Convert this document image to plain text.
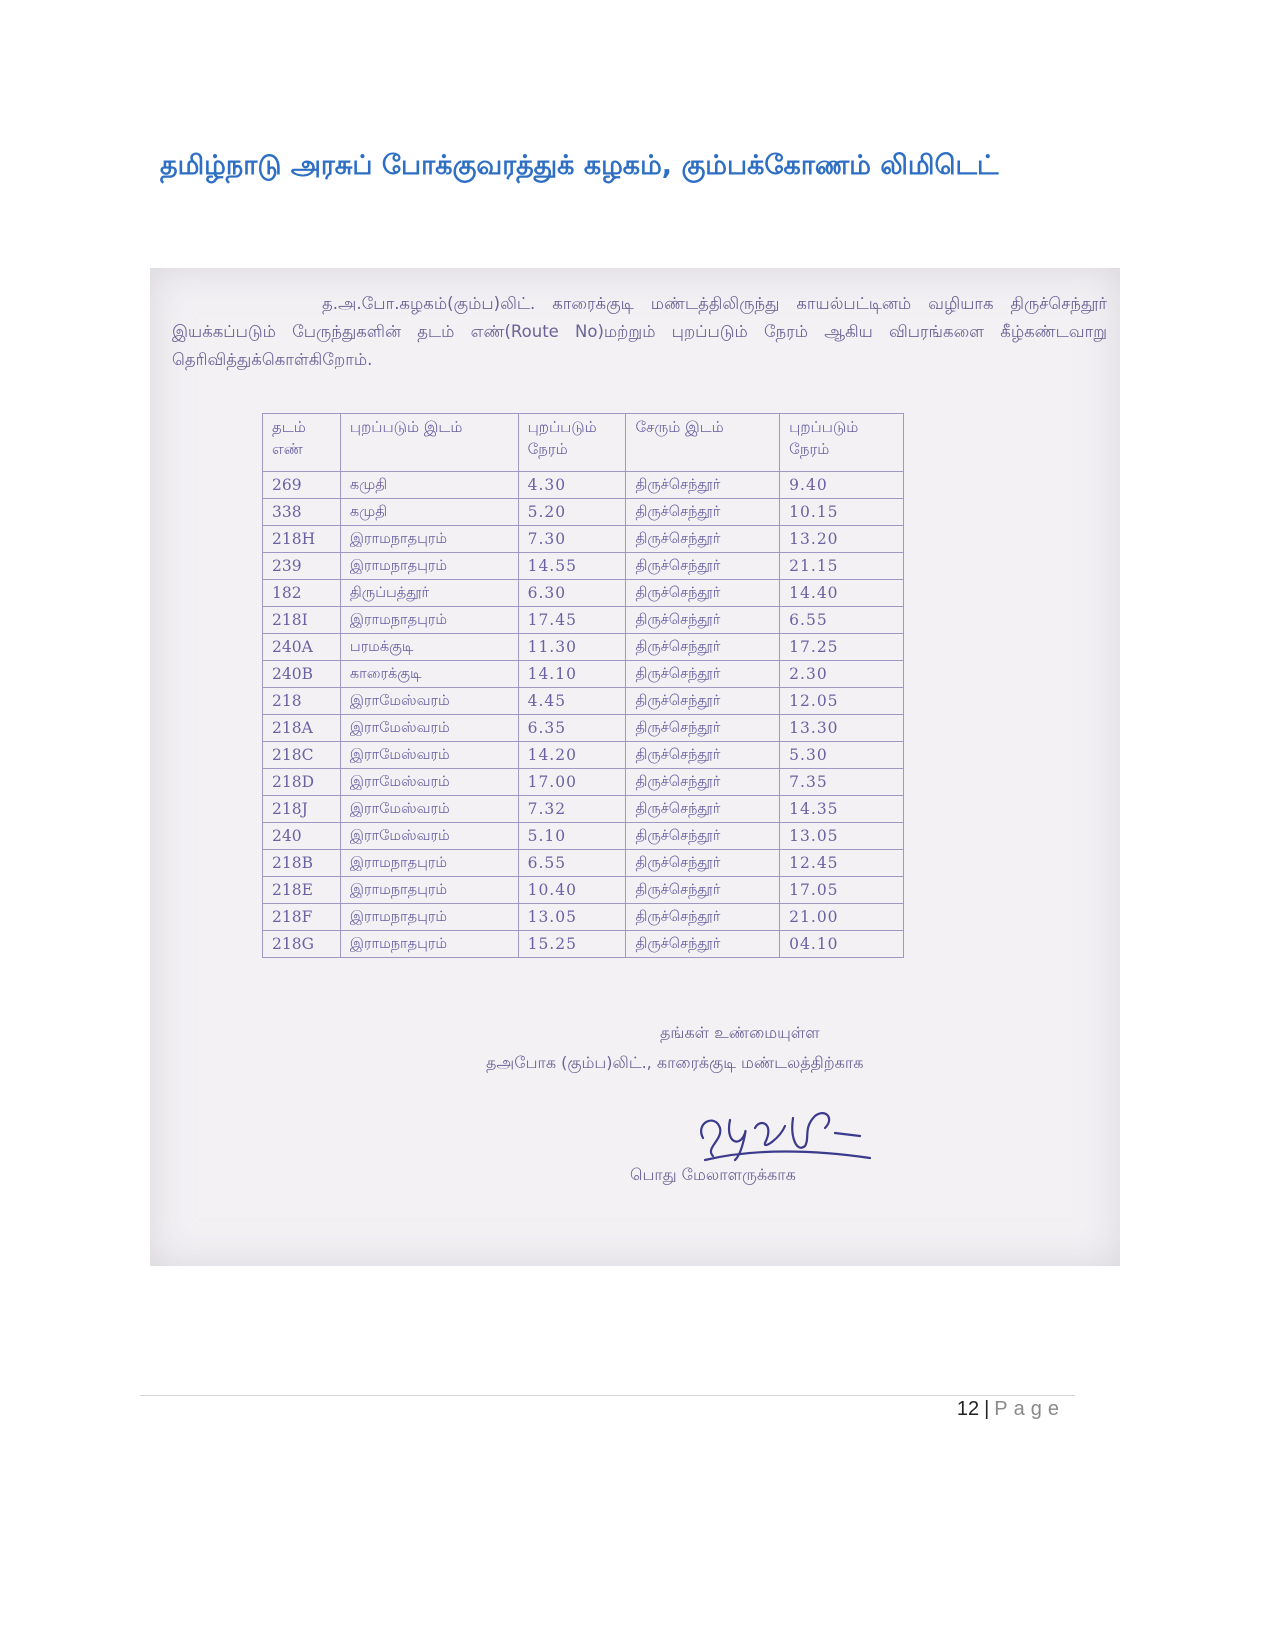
தமிழ்நாடு அரசுப் போக்குவரத்துக் கழகம், கும்பக்கோணம் லிமிடெட்
த.அ.போ.கழகம்(கும்ப)லிட். காரைக்குடி மண்டத்திலிருந்து காயல்பட்டினம் வழியாக திருச்செந்தூர் இயக்கப்படும் பேருந்துகளின் தடம் எண்(Route No)மற்றும் புறப்படும் நேரம் ஆகிய விபரங்களை கீழ்கண்டவாறு தெரிவித்துக்கொள்கிறோம்.
தடம் எண்	புறப்படும் இடம்	புறப்படும் நேரம்	சேரும் இடம்	புறப்படும் நேரம்
269	கமுதி	4.30	திருச்செந்தூர்	9.40
338	கமுதி	5.20	திருச்செந்தூர்	10.15
218H	இராமநாதபுரம்	7.30	திருச்செந்தூர்	13.20
239	இராமநாதபுரம்	14.55	திருச்செந்தூர்	21.15
182	திருப்பத்தூர்	6.30	திருச்செந்தூர்	14.40
218I	இராமநாதபுரம்	17.45	திருச்செந்தூர்	6.55
240A	பரமக்குடி	11.30	திருச்செந்தூர்	17.25
240B	காரைக்குடி	14.10	திருச்செந்தூர்	2.30
218	இராமேஸ்வரம்	4.45	திருச்செந்தூர்	12.05
218A	இராமேஸ்வரம்	6.35	திருச்செந்தூர்	13.30
218C	இராமேஸ்வரம்	14.20	திருச்செந்தூர்	5.30
218D	இராமேஸ்வரம்	17.00	திருச்செந்தூர்	7.35
218J	இராமேஸ்வரம்	7.32	திருச்செந்தூர்	14.35
240	இராமேஸ்வரம்	5.10	திருச்செந்தூர்	13.05
218B	இராமநாதபுரம்	6.55	திருச்செந்தூர்	12.45
218E	இராமநாதபுரம்	10.40	திருச்செந்தூர்	17.05
218F	இராமநாதபுரம்	13.05	திருச்செந்தூர்	21.00
218G	இராமநாதபுரம்	15.25	திருச்செந்தூர்	04.10
தங்கள் உண்மையுள்ள
தஅபோக (கும்ப)லிட்., காரைக்குடி மண்டலத்திற்காக
பொது மேலாளருக்காக
12 | Page
